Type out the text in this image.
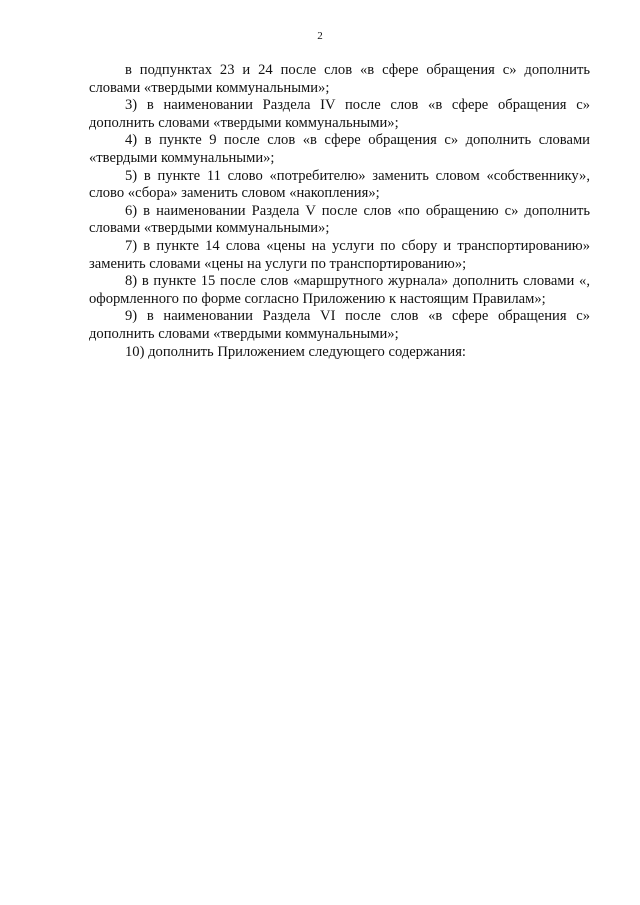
2

в подпунктах 23 и 24 после слов «в сфере обращения с» дополнить словами «твердыми коммунальными»;

3) в наименовании Раздела IV после слов «в сфере обращения с» дополнить словами «твердыми коммунальными»;

4) в пункте 9 после слов «в сфере обращения с» дополнить словами «твердыми коммунальными»;

5) в пункте 11 слово «потребителю» заменить словом «собственнику», слово «сбора» заменить словом «накопления»;

6) в наименовании Раздела V после слов «по обращению с» дополнить словами «твердыми коммунальными»;

7) в пункте 14 слова «цены на услуги по сбору и транспортированию» заменить словами «цены на услуги по транспортированию»;

8) в пункте 15 после слов «маршрутного журнала» дополнить словами «, оформленного по форме согласно Приложению к настоящим Правилам»;

9) в наименовании Раздела VI после слов «в сфере обращения с» дополнить словами «твердыми коммунальными»;

10) дополнить Приложением следующего содержания:
